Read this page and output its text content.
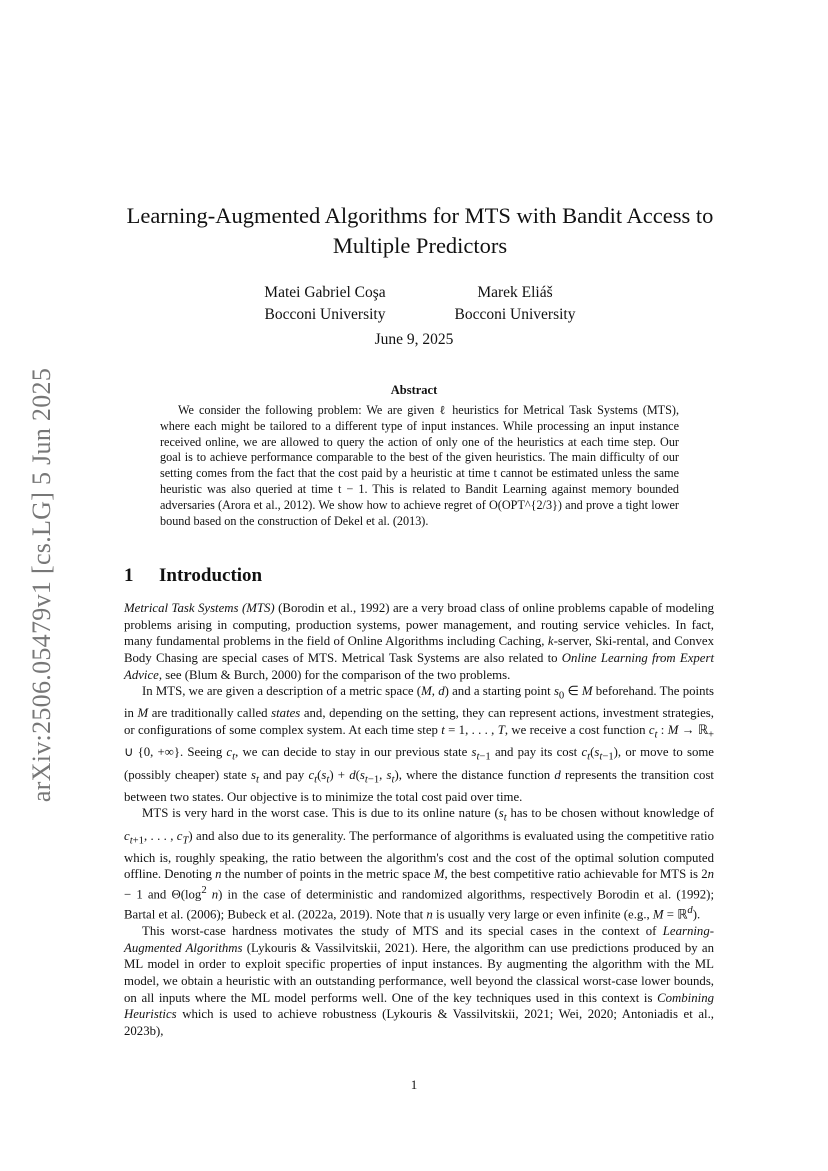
arXiv:2506.05479v1 [cs.LG] 5 Jun 2025
Learning-Augmented Algorithms for MTS with Bandit Access to Multiple Predictors
Matei Gabriel Coşa
Bocconi University
Marek Eliáš
Bocconi University
June 9, 2025
Abstract

We consider the following problem: We are given ℓ heuristics for Metrical Task Systems (MTS), where each might be tailored to a different type of input instances. While processing an input instance received online, we are allowed to query the action of only one of the heuristics at each time step. Our goal is to achieve performance comparable to the best of the given heuristics. The main difficulty of our setting comes from the fact that the cost paid by a heuristic at time t cannot be estimated unless the same heuristic was also queried at time t − 1. This is related to Bandit Learning against memory bounded adversaries (Arora et al., 2012). We show how to achieve regret of O(OPT^{2/3}) and prove a tight lower bound based on the construction of Dekel et al. (2013).

1 Introduction

Metrical Task Systems (MTS) (Borodin et al., 1992) are a very broad class of online problems capable of modeling problems arising in computing, production systems, power management, and routing service vehicles. In fact, many fundamental problems in the field of Online Algorithms including Caching, k-server, Ski-rental, and Convex Body Chasing are special cases of MTS. Metrical Task Systems are also related to Online Learning from Expert Advice, see (Blum & Burch, 2000) for the comparison of the two problems.

In MTS, we are given a description of a metric space (M, d) and a starting point $s_0$ ∈ M beforehand. The points in M are traditionally called states and, depending on the setting, they can represent actions, investment strategies, or configurations of some complex system. At each time step t = 1, . . . , T, we receive a cost function $c_t$ : M → ℝ$_+$ ∪ {0, +∞}. Seeing $c_t$, we can decide to stay in our previous state $s_{t-1}$ and pay its cost $c_t(s_{t-1})$, or move to some (possibly cheaper) state $s_t$ and pay $c_t(s_t) + d(s_{t-1}$, $s_t$), where the distance function d represents the transition cost between two states. Our objective is to minimize the total cost paid over time.

MTS is very hard in the worst case. This is due to its online nature ($s_t$ has to be chosen without knowledge of $c_{t+1}$, . . . , $c_T$) and also due to its generality. The performance of algorithms is evaluated using the competitive ratio which is, roughly speaking, the ratio between the algorithm's cost and the cost of the optimal solution computed offline. Denoting n the number of points in the metric space M, the best competitive ratio achievable for MTS is 2n − 1 and $\Theta(\log^2$ n) in the case of deterministic and randomized algorithms, respectively Borodin et al. (1992); Bartal et al. (2006); Bubeck et al. (2022a, 2019). Note that n is usually very large or even infinite (e.g., M = ℝ$^d$).

This worst-case hardness motivates the study of MTS and its special cases in the context of Learning-Augmented Algorithms (Lykouris & Vassilvitskii, 2021). Here, the algorithm can use predictions produced by an ML model in order to exploit specific properties of input instances. By augmenting the algorithm with the ML model, we obtain a heuristic with an outstanding performance, well beyond the classical worst-case lower bounds, on all inputs where the ML model performs well. One of the key techniques used in this context is Combining Heuristics which is used to achieve robustness (Lykouris & Vassilvitskii, 2021; Wei, 2020; Antoniadis et al., 2023b),

1
